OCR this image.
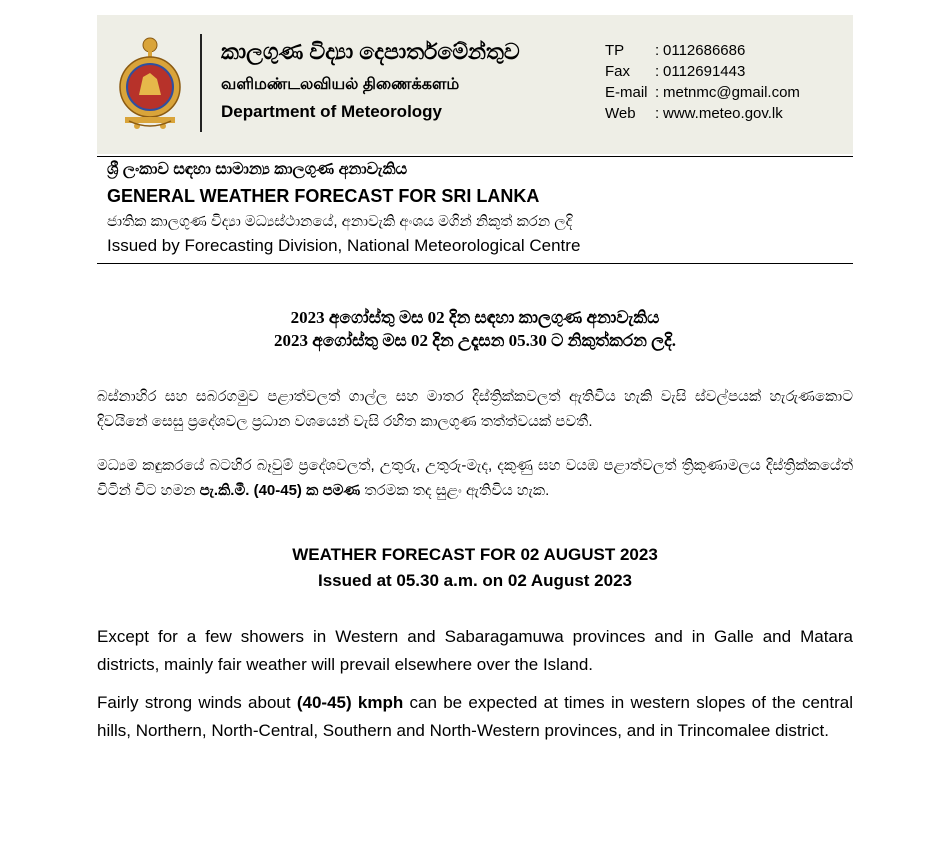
කාලගුණ විද්‍යා දෙපාර්තමේන්තුව
வளிமண்டலவியல் திணைக்களம்
Department of Meteorology
TP : 0112686686
Fax : 0112691443
E-mail : metnmc@gmail.com
Web : www.meteo.gov.lk
ශ්‍රී ලංකාව සඳහා සාමාන්‍ය කාලගුණ අනාවැකිය
GENERAL WEATHER FORECAST FOR SRI LANKA
ජාතික කාලගුණ විද්‍යා මධ්‍යස්ථානයේ, අනාවැකි අංශය මගින් නිකුත් කරන ලදි
Issued by Forecasting Division, National Meteorological Centre
2023 අගෝස්තු මස 02 දින සඳහා කාලගුණ අනාවැකිය
2023 අගෝස්තු මස 02 දින උදෑසන 05.30 ට නිකුත්කරන ලදි.
බස්නාහිර සහ සබරගමුව පළාත්වලත් ගාල්ල සහ මාතර දිස්ත්‍රික්කවලත් ඇතිවිය හැකි වැසි ස්වල්පයක් හැරුණකොට දිවයිනේ සෙසු ප්‍රදේශවල ප්‍රධාන වශයෙන් වැසි රහිත කාලගුණ තත්ත්වයක් පවතී.
මධ්‍යම කඳුකරයේ බටහිර බෑවුම් ප්‍රදේශවලත්, උතුරු, උතුරු-මැද, දකුණු සහ වයඹ පළාත්වලත් ත්‍රිකුණාමලය දිස්ත්‍රික්කයේත් විටින් විට හමන පැ.කි.මී. (40-45) ක පමණ තරමක තද සුළං ඇතිවිය හැක.
WEATHER FORECAST FOR 02 AUGUST 2023
Issued at 05.30 a.m. on 02 August 2023
Except for a few showers in Western and Sabaragamuwa provinces and in Galle and Matara districts, mainly fair weather will prevail elsewhere over the Island.
Fairly strong winds about (40-45) kmph can be expected at times in western slopes of the central hills, Northern, North-Central, Southern and North-Western provinces, and in Trincomalee district.
